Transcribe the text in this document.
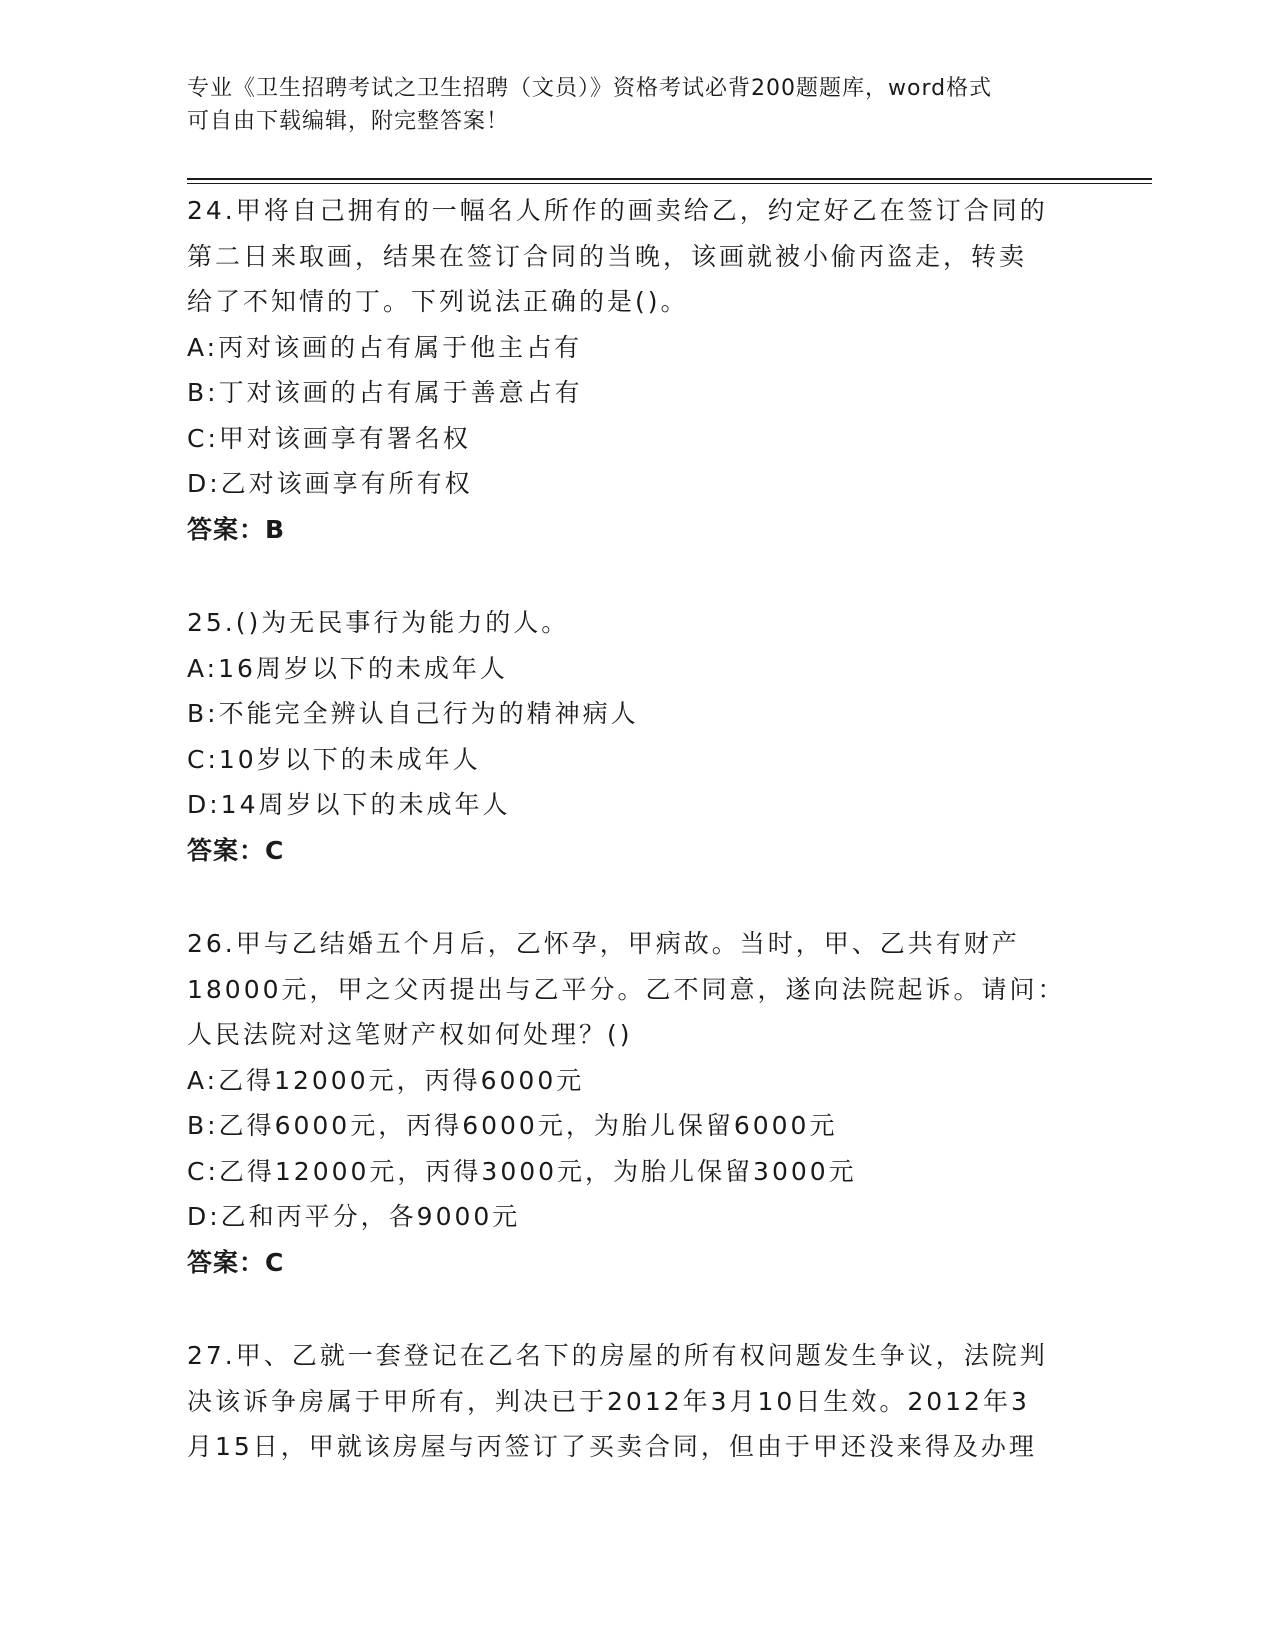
专业《卫生招聘考试之卫生招聘（文员）》资格考试必背200题题库，word格式
可自由下载编辑，附完整答案！
24.甲将自己拥有的一幅名人所作的画卖给乙，约定好乙在签订合同的
第二日来取画，结果在签订合同的当晚，该画就被小偷丙盗走，转卖
给了不知情的丁。下列说法正确的是()。
A:丙对该画的占有属于他主占有
B:丁对该画的占有属于善意占有
C:甲对该画享有署名权
D:乙对该画享有所有权
答案：B
25.()为无民事行为能力的人。
A:16周岁以下的未成年人
B:不能完全辨认自己行为的精神病人
C:10岁以下的未成年人
D:14周岁以下的未成年人
答案：C
26.甲与乙结婚五个月后，乙怀孕，甲病故。当时，甲、乙共有财产
18000元，甲之父丙提出与乙平分。乙不同意，遂向法院起诉。请问：
人民法院对这笔财产权如何处理？()
A:乙得12000元，丙得6000元
B:乙得6000元，丙得6000元，为胎儿保留6000元
C:乙得12000元，丙得3000元，为胎儿保留3000元
D:乙和丙平分，各9000元
答案：C
27.甲、乙就一套登记在乙名下的房屋的所有权问题发生争议，法院判
决该诉争房属于甲所有，判决已于2012年3月10日生效。2012年3
月15日，甲就该房屋与丙签订了买卖合同，但由于甲还没来得及办理
